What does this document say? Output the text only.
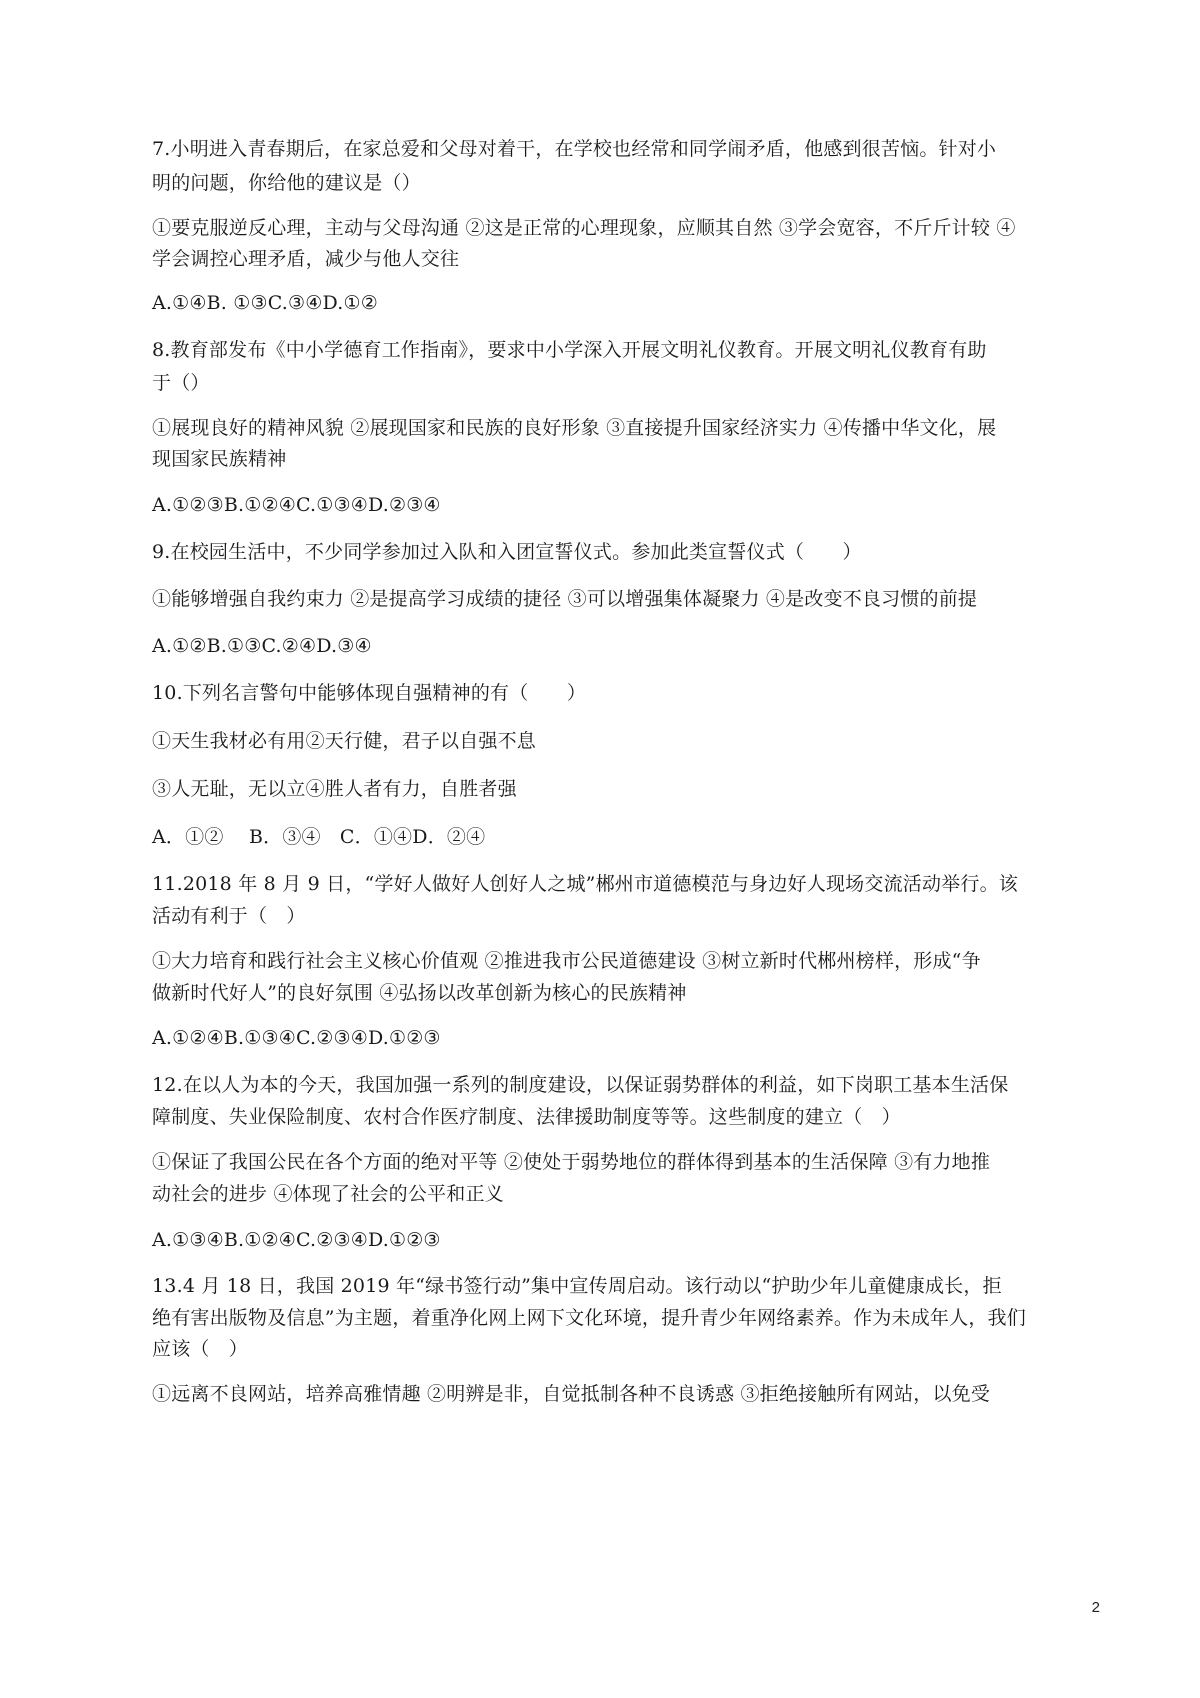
7.小明进入青春期后，在家总爱和父母对着干，在学校也经常和同学闹矛盾，他感到很苦恼。针对小
明的问题，你给他的建议是（）
①要克服逆反心理，主动与父母沟通 ②这是正常的心理现象，应顺其自然 ③学会宽容，不斤斤计较 ④
学会调控心理矛盾，减少与他人交往
A.①④B. ①③C.③④D.①②
8.教育部发布《中小学德育工作指南》，要求中小学深入开展文明礼仪教育。开展文明礼仪教育有助
于（）
①展现良好的精神风貌 ②展现国家和民族的良好形象 ③直接提升国家经济实力 ④传播中华文化，展
现国家民族精神
A.①②③B.①②④C.①③④D.②③④
9.在校园生活中，不少同学参加过入队和入团宣誓仪式。参加此类宣誓仪式（　　）
①能够增强自我约束力 ②是提高学习成绩的捷径 ③可以增强集体凝聚力 ④是改变不良习惯的前提
A.①②B.①③C.②④D.③④
10.下列名言警句中能够体现自强精神的有（　　）
①天生我材必有用②天行健，君子以自强不息
③人无耻，无以立④胜人者有力，自胜者强
A．①②　 B．③④　C．①④D．②④
11.2018 年 8 月 9 日，“学好人做好人创好人之城”郴州市道德模范与身边好人现场交流活动举行。该
活动有利于（　）
①大力培育和践行社会主义核心价值观 ②推进我市公民道德建设 ③树立新时代郴州榜样，形成“争
做新时代好人”的良好氛围 ④弘扬以改革创新为核心的民族精神
A.①②④B.①③④C.②③④D.①②③
12.在以人为本的今天，我国加强一系列的制度建设，以保证弱势群体的利益，如下岗职工基本生活保
障制度、失业保险制度、农村合作医疗制度、法律援助制度等等。这些制度的建立（　）
①保证了我国公民在各个方面的绝对平等 ②使处于弱势地位的群体得到基本的生活保障 ③有力地推
动社会的进步 ④体现了社会的公平和正义
A.①③④B.①②④C.②③④D.①②③
13.4 月 18 日，我国 2019 年“绿书签行动”集中宣传周启动。该行动以“护助少年儿童健康成长，拒
绝有害出版物及信息”为主题，着重净化网上网下文化环境，提升青少年网络素养。作为未成年人，我们
应该（　）
①远离不良网站，培养高雅情趣 ②明辨是非，自觉抵制各种不良诱惑 ③拒绝接触所有网站，以免受
2
